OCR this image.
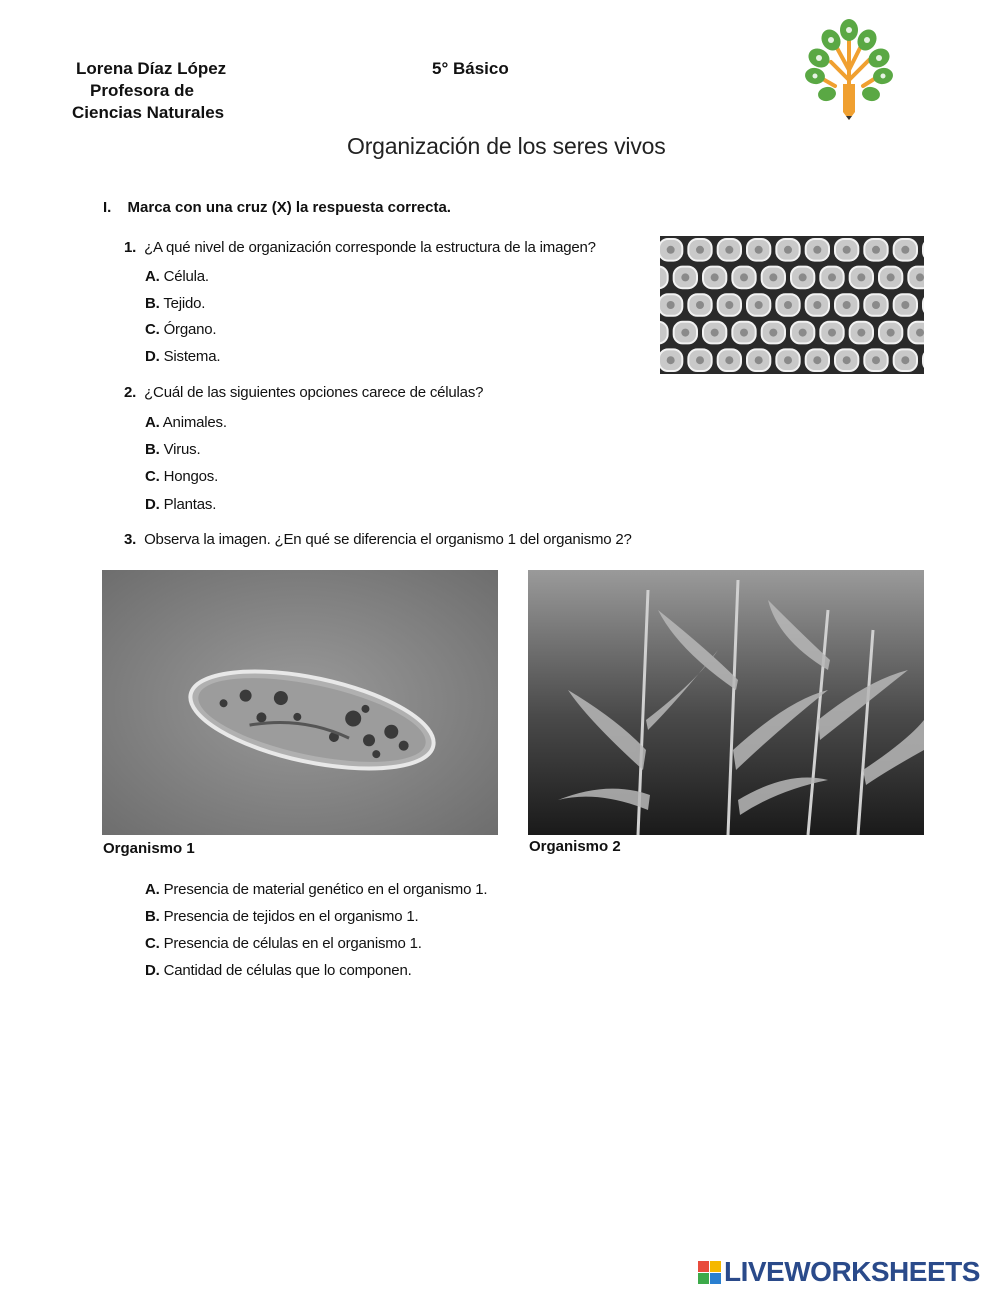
Lorena Díaz López
Profesora de
Ciencias Naturales
5° Básico
Organización de los seres vivos
I. Marca con una cruz (X) la respuesta correcta.
1. ¿A qué nivel de organización corresponde la estructura de la imagen?
A. Célula.
B. Tejido.
C. Órgano.
D. Sistema.
2. ¿Cuál de las siguientes opciones carece de células?
A. Animales.
B. Virus.
C. Hongos.
D. Plantas.
3. Observa la imagen. ¿En qué se diferencia el organismo 1 del organismo 2?
Organismo 1	Organismo 2
A. Presencia de material genético en el organismo 1.
B. Presencia de tejidos en el organismo 1.
C. Presencia de células en el organismo 1.
D. Cantidad de células que lo componen.
LIVEWORKSHEETS
